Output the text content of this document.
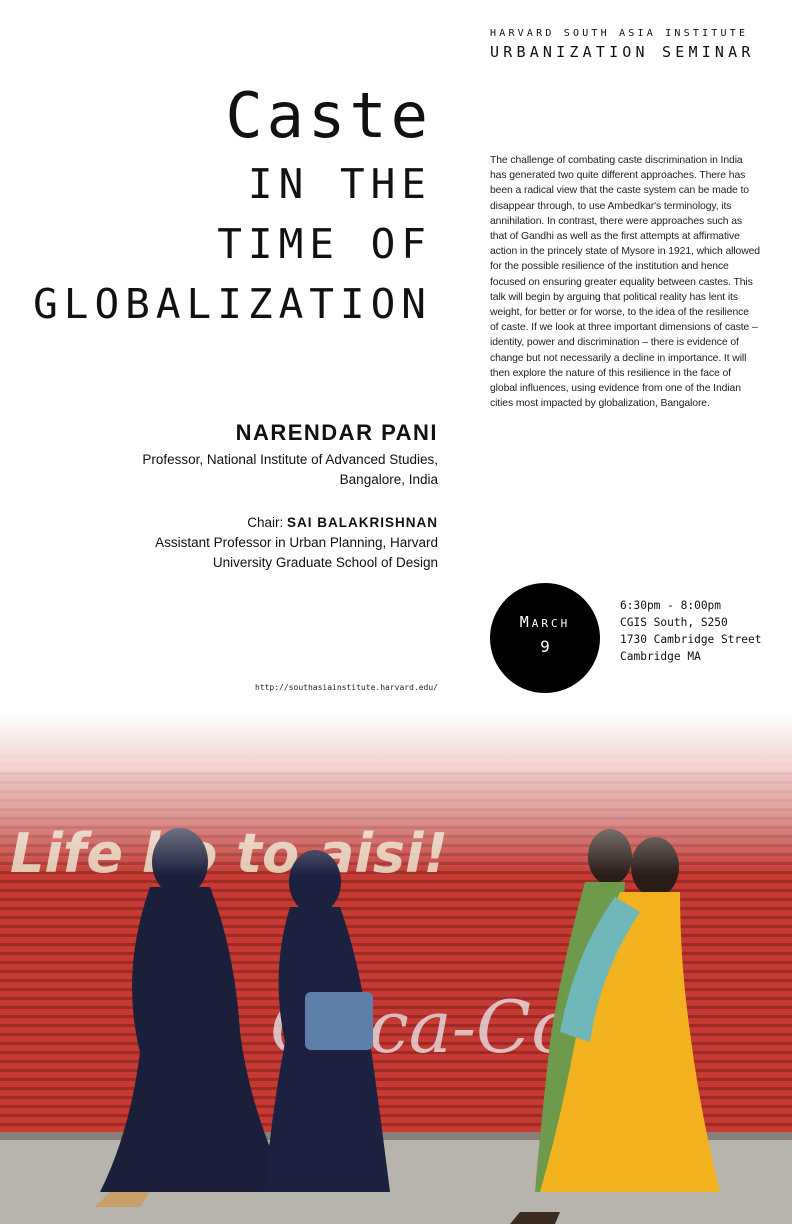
HARVARD SOUTH ASIA INSTITUTE
URBANIZATION SEMINAR
Caste
IN THE
TIME OF
GLOBALIZATION
The challenge of combating caste discrimination in India has generated two quite different approaches. There has been a radical view that the caste system can be made to disappear through, to use Ambedkar's terminology, its annihilation. In contrast, there were approaches such as that of Gandhi as well as the first attempts at affirmative action in the princely state of Mysore in 1921, which allowed for the possible resilience of the institution and hence focused on ensuring greater equality between castes. This talk will begin by arguing that political reality has lent its weight, for better or for worse, to the idea of the resilience of caste. If we look at three important dimensions of caste – identity, power and discrimination – there is evidence of change but not necessarily a decline in importance. It will then explore the nature of this resilience in the face of global influences, using evidence from one of the Indian cities most impacted by globalization, Bangalore.
NARENDAR PANI
Professor, National Institute of Advanced Studies, Bangalore, India
Chair: SAI BALAKRISHNAN
Assistant Professor in Urban Planning, Harvard University Graduate School of Design
March
9
6:30pm - 8:00pm
CGIS South, S250
1730 Cambridge Street
Cambridge MA
http://southasiainstitute.harvard.edu/
